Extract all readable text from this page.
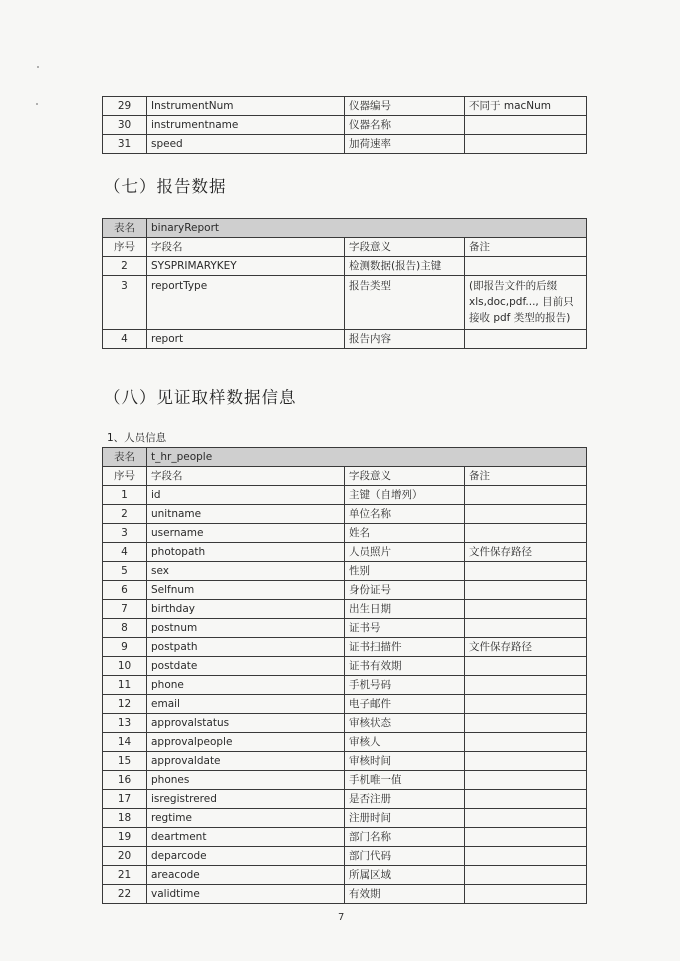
29	InstrumentNum	仪器编号	不同于 macNum
30	instrumentname	仪器名称	
31	speed	加荷速率	
（七）报告数据
表名	binaryReport		
序号	字段名	字段意义	备注
2	SYSPRIMARYKEY	检测数据(报告)主键	
3	reportType	报告类型	(即报告文件的后缀 xls,doc,pdf..., 目前只接收 pdf 类型的报告)
4	report	报告内容	
（八）见证取样数据信息
1、人员信息
表名	t_hr_people		
序号	字段名	字段意义	备注
1	id	主键（自增列）	
2	unitname	单位名称	
3	username	姓名	
4	photopath	人员照片	文件保存路径
5	sex	性别	
6	Selfnum	身份证号	
7	birthday	出生日期	
8	postnum	证书号	
9	postpath	证书扫描件	文件保存路径
10	postdate	证书有效期	
11	phone	手机号码	
12	email	电子邮件	
13	approvalstatus	审核状态	
14	approvalpeople	审核人	
15	approvaldate	审核时间	
16	phones	手机唯一值	
17	isregistrered	是否注册	
18	regtime	注册时间	
19	deartment	部门名称	
20	deparcode	部门代码	
21	areacode	所属区域	
22	validtime	有效期	
7
